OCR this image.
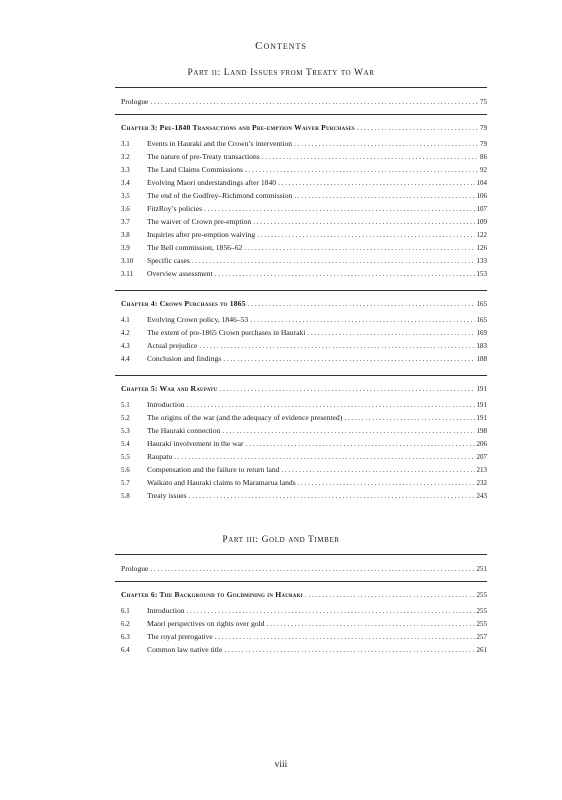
Contents
Part ii: Land Issues from Treaty to War
Prologue .....	75
Chapter 3: Pre-1840 Transactions and Pre-emption Waiver Purchases .....	79
3.1	Events in Hauraki and the Crown’s intervention .....	79
3.2	The nature of pre-Treaty transactions .....	86
3.3	The Land Claims Commissions .....	92
3.4	Evolving Maori understandings after 1840 .....	104
3.5	The end of the Godfrey–Richmond commission .....	106
3.6	FitzRoy’s policies .....	107
3.7	The waiver of Crown pre-emption .....	109
3.8	Inquiries after pre-emption waiving .....	122
3.9	The Bell commission, 1856–62 .....	126
3.10	Specific cases .....	133
3.11	Overview assessment .....	153
Chapter 4: Crown Purchases to 1865 .....	165
4.1	Evolving Crown policy, 1846–53 .....	165
4.2	The extent of pre-1865 Crown purchases in Hauraki .....	169
4.3	Actual prejudice .....	183
4.4	Conclusion and findings .....	188
Chapter 5: War and Raupatu .....	191
5.1	Introduction .....	191
5.2	The origins of the war (and the adequacy of evidence presented) .....	191
5.3	The Hauraki connection .....	198
5.4	Hauraki involvement in the war .....	206
5.5	Raupatu .....	207
5.6	Compensation and the failure to return land .....	213
5.7	Waikato and Hauraki claims to Maramarua lands .....	232
5.8	Treaty issues .....	243
Part iii: Gold and Timber
Prologue .....	251
Chapter 6: The Background to Goldmining in Hauraki .....	255
6.1	Introduction .....	255
6.2	Maori perspectives on rights over gold .....	255
6.3	The royal prerogative .....	257
6.4	Common law native title .....	261
viii
